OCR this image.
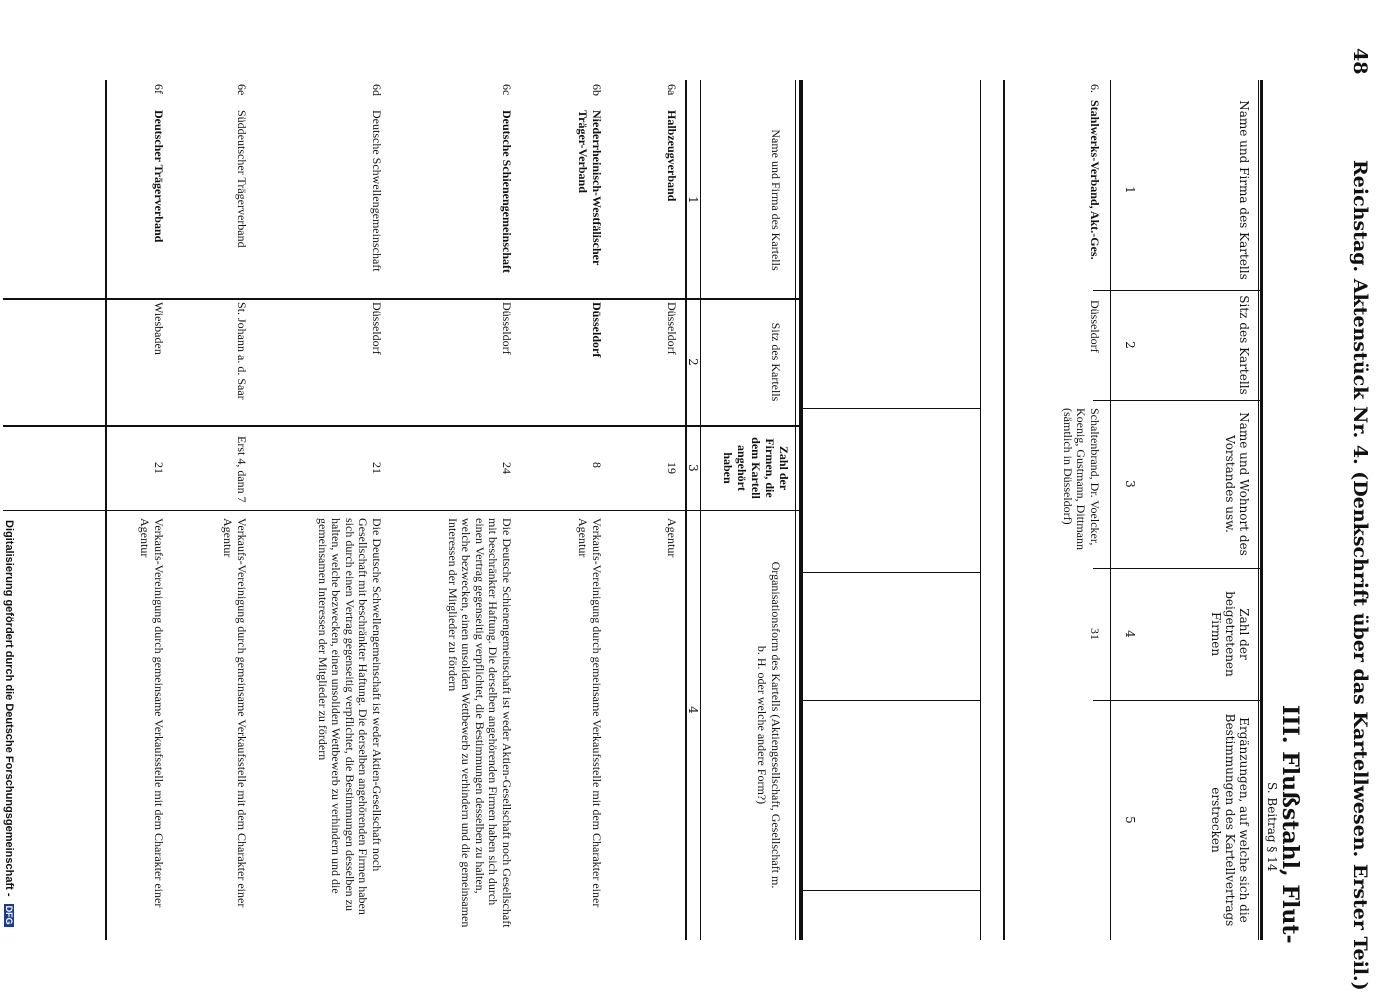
48
Reichstag. Aktenstück Nr. 4. (Denkschrift über das Kartellwesen. Erster Teil.)
III. Flußstahl, Flut-
S. Beitrag § 14
Name und Firma des Kartells
Sitz des Kartells
Name und Wohnort des Vorstandes usw.
Zahl der beigetretenen Firmen
Ergänzungen, auf welche sich die Bestimmungen des Kartellvertrags erstrecken
1
2
3
4
5
6.
Stahlwerks-Verband, Akt.-Ges.
Düsseldorf
Schaltenbrand, Dr. Voelcker, Koenig, Gustmann, Dittmann (sämtlich in Düsseldorf)
31
Name und Firma des Kartells
Sitz des Kartells
Zahl der Firmen, die dem Kartell angehört haben
Organisationsform des Kartells (Aktiengesellschaft, Gesellschaft m. b. H. oder welche andere Form?)
1
2
3
4
6a
Halbzeugverband
Düsseldorf
19
Agentur
6b
Niederrheinisch-Westfälischer Träger-Verband
Düsseldorf
8
Verkaufs-Vereinigung durch gemeinsame Verkaufsstelle mit dem Charakter einer Agentur
6c
Deutsche Schienengemeinschaft
Düsseldorf
24
Die Deutsche Schienengemeinschaft ist weder Aktien-Gesellschaft noch Gesellschaft mit beschränkter Haftung. Die derselben angehörenden Firmen haben sich durch einen Vertrag gegenseitig verpflichtet, die Bestimmungen desselben zu halten, welche bezwecken, einen unsoliden Wettbewerb zu verhindern und die gemeinsamen Interessen der Mitglieder zu fördern
6d
Deutsche Schwellengemeinschaft
Düsseldorf
21
Die Deutsche Schwellengemeinschaft ist weder Aktien-Gesellschaft noch Gesellschaft mit beschränkter Haftung. Die derselben angehörenden Firmen haben sich durch einen Vertrag gegenseitig verpflichtet, die Bestimmungen desselben zu halten, welche bezwecken, einen unsoliden Wettbewerb zu verhindern und die gemeinsamen Interessen der Mitglieder zu fördern
6e
Süddeutscher Trägerverband
St. Johann a. d. Saar
Erst 4, dann 7
Verkaufs-Vereinigung durch gemeinsame Verkaufsstelle mit dem Charakter einer Agentur
6f
Deutscher Trägerverband
Wiesbaden
21
Verkaufs-Vereinigung durch gemeinsame Verkaufsstelle mit dem Charakter einer Agentur
Digitalisierung gefördert durch die Deutsche Forschungsgemeinschaft - DFG
